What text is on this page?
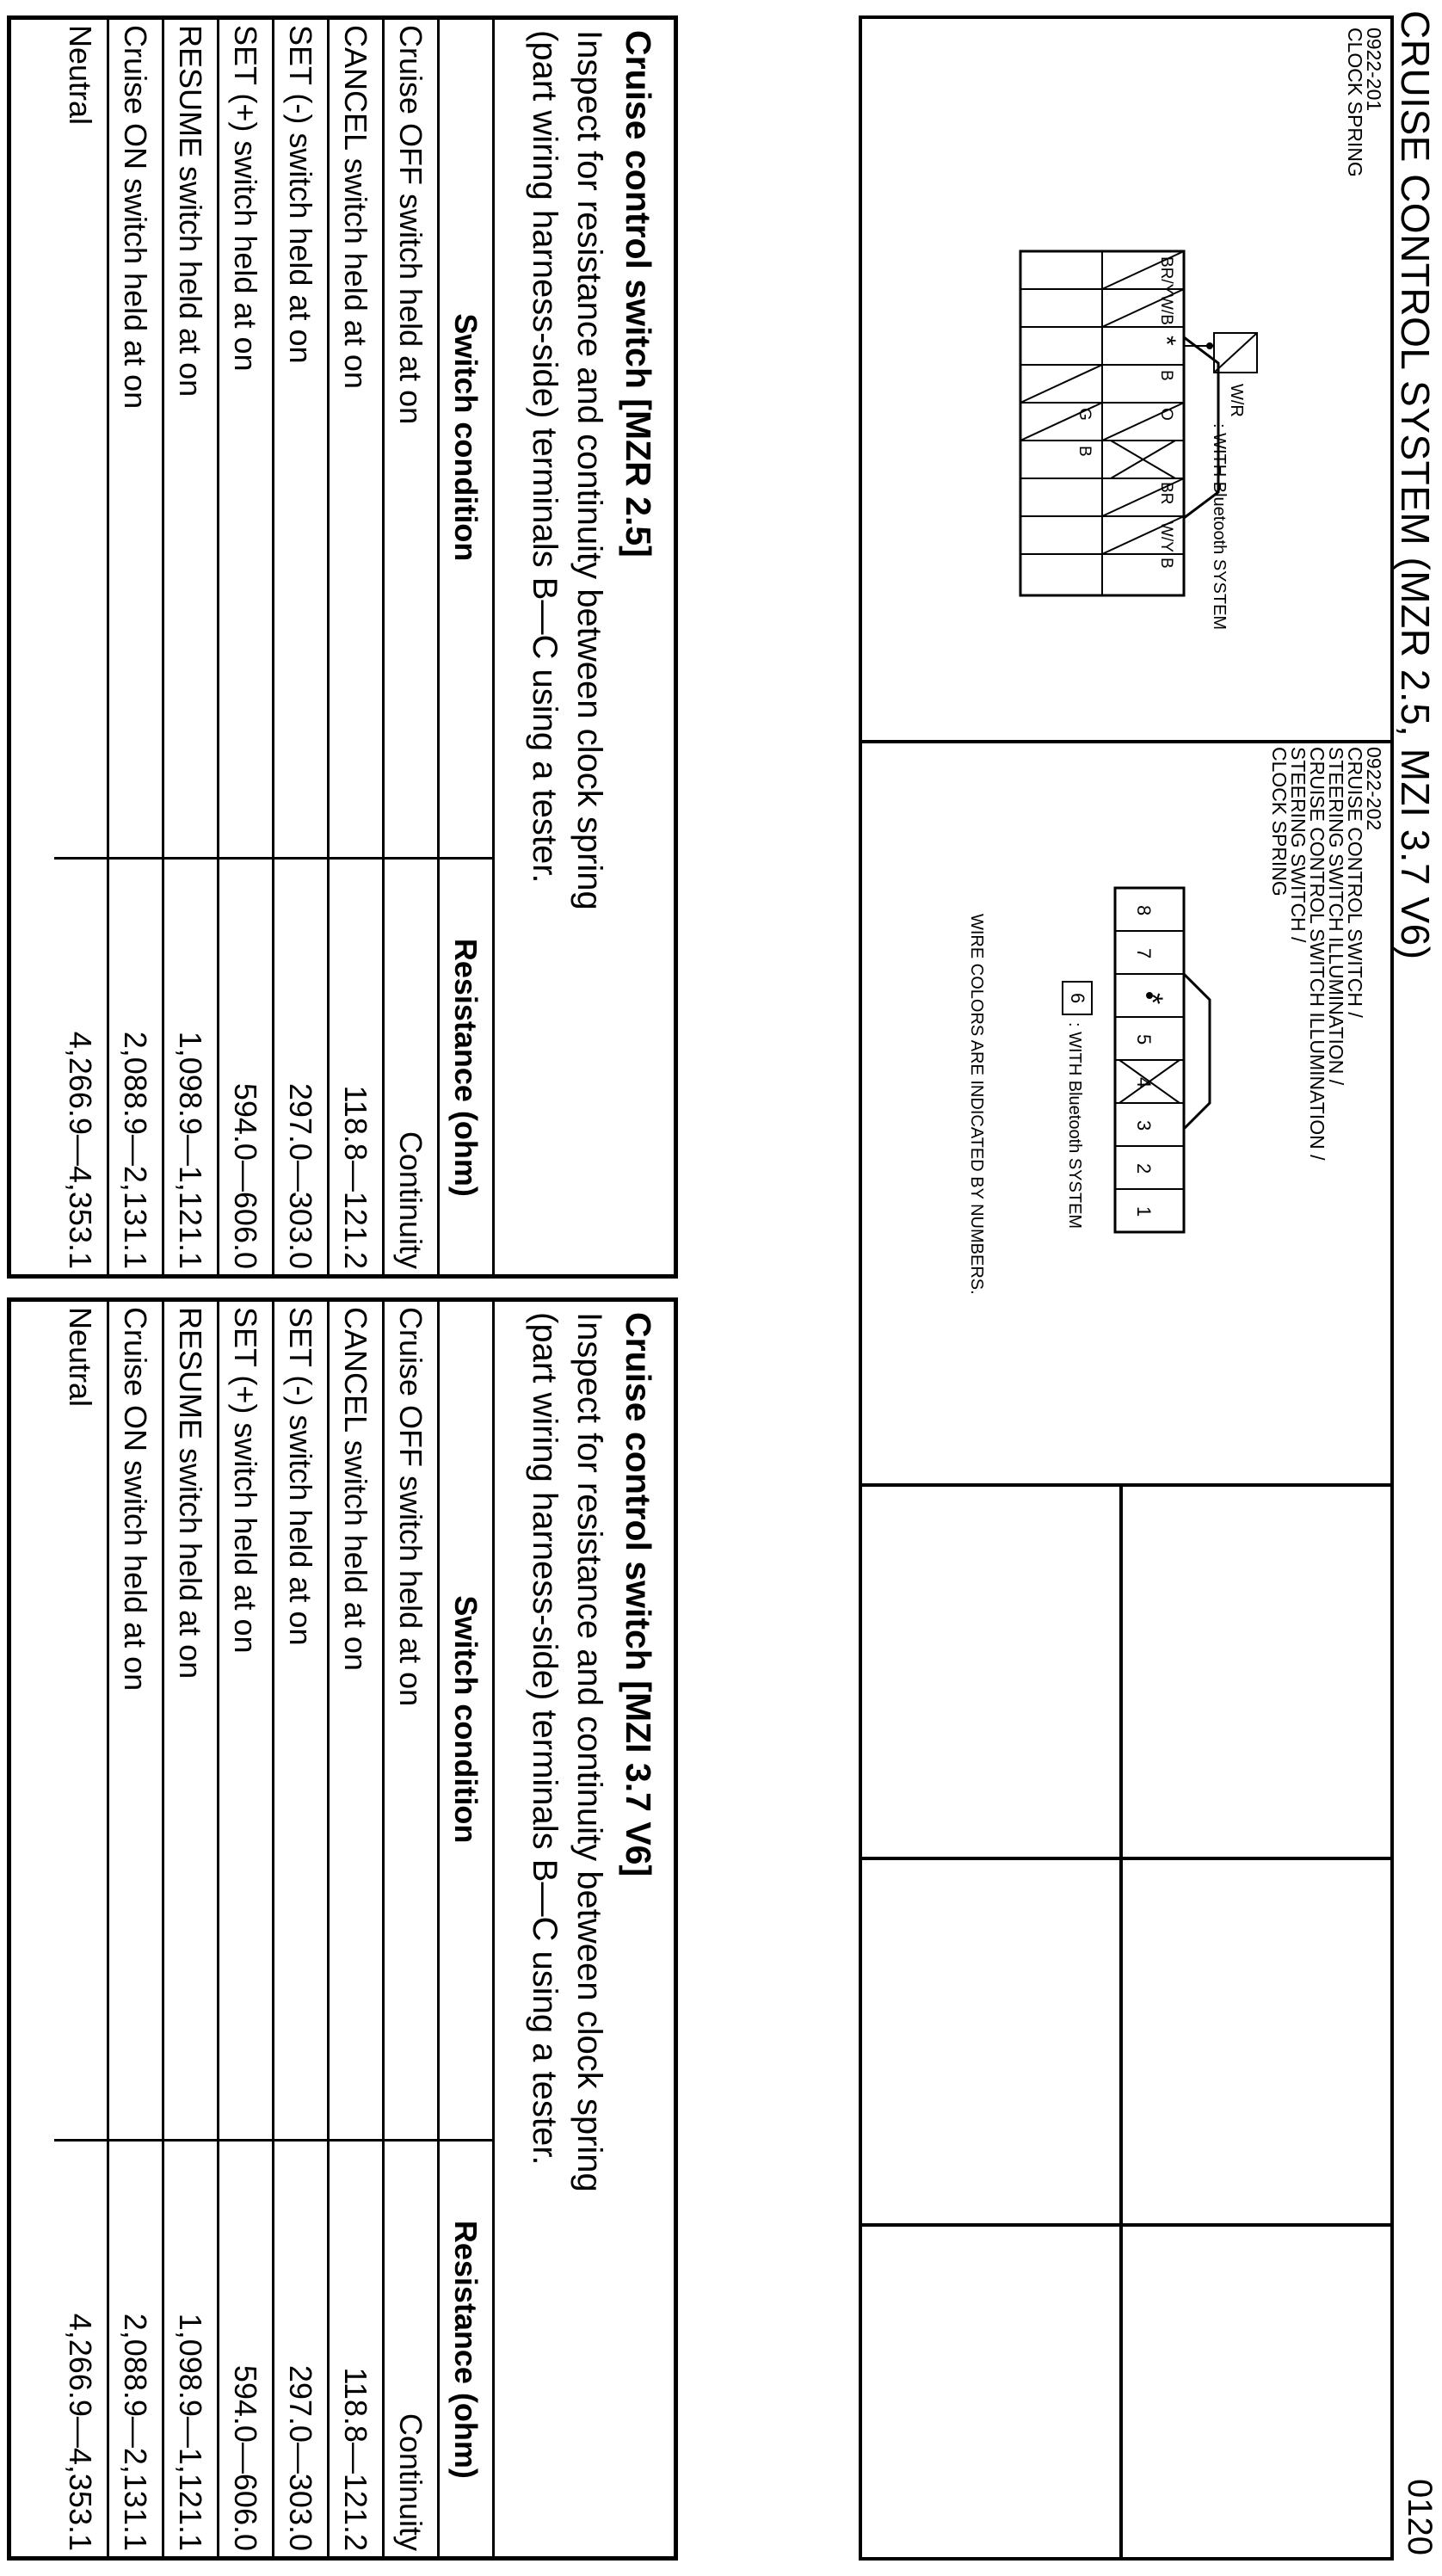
CRUISE CONTROL SYSTEM (MZR 2.5, MZI 3.7 V6)
0120
0922-201
CLOCK SPRING
W/R
: WITH Bluetooth SYSTEM
BR/Y
W/B
*
B
O
BR
W/Y
B
G
B
0922-202
CRUISE CONTROL SWITCH /
STEERING SWITCH ILLUMINATION /
CRUISE CONTROL SWITCH ILLUMINATION /
STEERING SWITCH /
CLOCK SPRING
8
7
*
5
4
3
2
1
6
: WITH Bluetooth SYSTEM
WIRE COLORS ARE INDICATED BY NUMBERS.
Cruise control switch [MZR 2.5]
Inspect for resistance and continuity between clock spring
(part wiring harness-side) terminals B—C using a tester.
Switch condition	Resistance (ohm)
Cruise OFF switch held at on	Continuity
CANCEL switch held at on	118.8—121.2
SET (-) switch held at on	297.0—303.0
SET (+) switch held at on	594.0—606.0
RESUME switch held at on	1,098.9—1,121.1
Cruise ON switch held at on	2,088.9—2,131.1
Neutral	4,266.9—4,353.1
Cruise control switch [MZI 3.7 V6]
Inspect for resistance and continuity between clock spring
(part wiring harness-side) terminals B—C using a tester.
Switch condition	Resistance (ohm)
Cruise OFF switch held at on	Continuity
CANCEL switch held at on	118.8—121.2
SET (-) switch held at on	297.0—303.0
SET (+) switch held at on	594.0—606.0
RESUME switch held at on	1,098.9—1,121.1
Cruise ON switch held at on	2,088.9—2,131.1
Neutral	4,266.9—4,353.1
